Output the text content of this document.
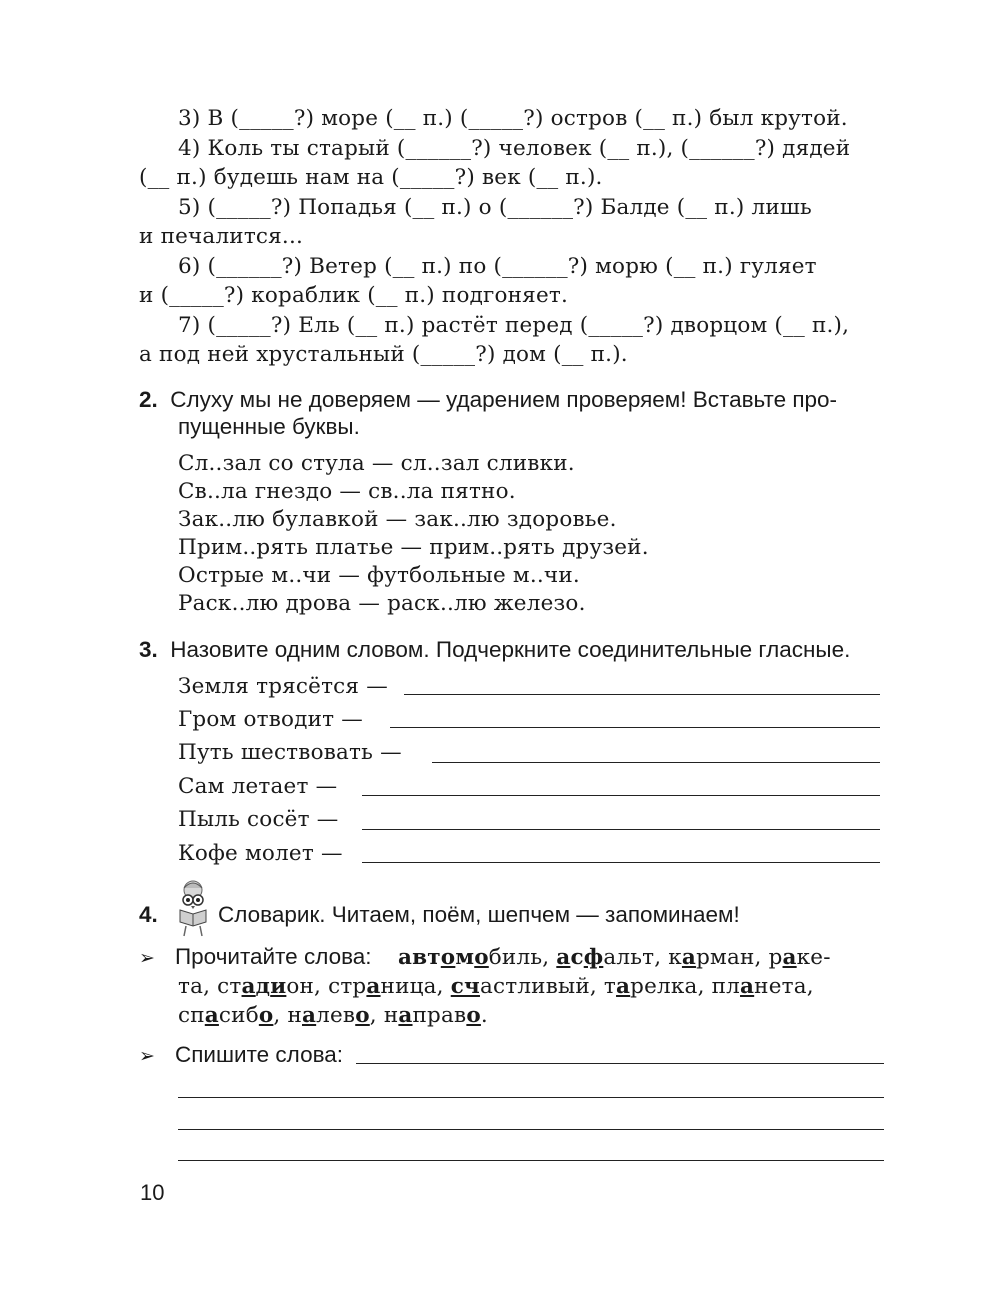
3) В (_____?) море (__ п.) (_____?) остров (__ п.) был крутой.
4) Коль ты старый (______?) человек (__ п.), (______?) дядей
(__ п.) будешь нам на (_____?) век (__ п.).
5) (_____?) Попадья (__ п.) о (______?) Балде (__ п.) лишь
и печалится...
6) (______?) Ветер (__ п.) по (______?) морю (__ п.) гуляет
и (_____?) кораблик (__ п.) подгоняет.
7) (_____?) Ель (__ п.) растёт перед (_____?) дворцом (__ п.),
а под ней хрустальный (_____?) дом (__ п.).
2. Слуху мы не доверяем — ударением проверяем! Вставьте про-
пущенные буквы.
Сл..зал со стула — сл..зал сливки.
Св..ла гнездо — св..ла пятно.
Зак..лю булавкой — зак..лю здоровье.
Прим..рять платье — прим..рять друзей.
Острые м..чи — футбольные м..чи.
Раск..лю дрова — раск..лю железо.
3. Назовите одним словом. Подчеркните соединительные гласные.
Земля трясётся —
Гром отводит —
Путь шествовать —
Сам летает —
Пыль сосёт —
Кофе молет —
4.	Словарик. Читаем, поём, шепчем — запоминаем!
➢ Прочитайте слова: автомобиль, асфальт, карман, раке-
та, стадион, страница, счастливый, тарелка, планета,
спасибо, налево, направо.
➢ Спишите слова:
10
